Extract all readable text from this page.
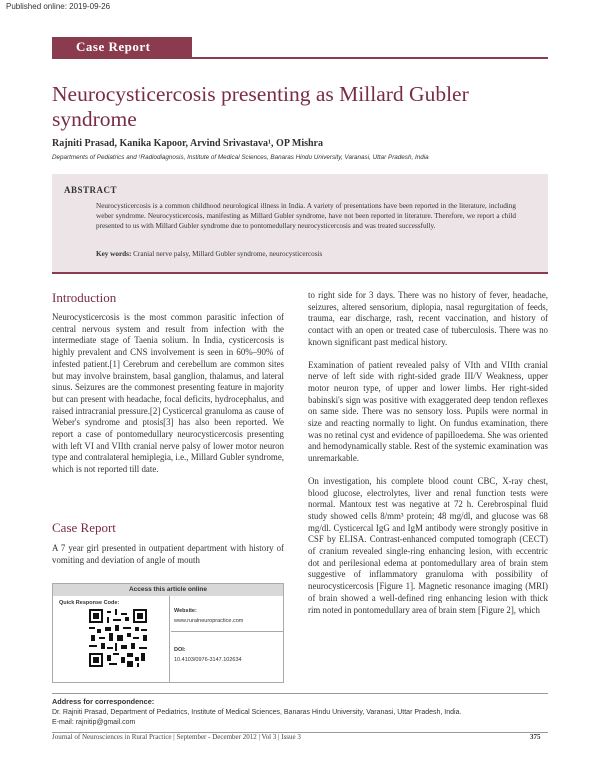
Published online: 2019-09-26
Case Report
Neurocysticercosis presenting as Millard Gubler syndrome
Rajniti Prasad, Kanika Kapoor, Arvind Srivastava¹, OP Mishra
Departments of Pediatrics and ¹Radiodiagnosis, Institute of Medical Sciences, Banaras Hindu University, Varanasi, Uttar Pradesh, India
ABSTRACT
Neurocysticercosis is a common childhood neurological illness in India. A variety of presentations have been reported in the literature, including weber syndrome. Neurocysticercosis, manifesting as Millard Gubler syndrome, have not been reported in literature. Therefore, we report a child presented to us with Millard Gubler syndrome due to pontomedullary neurocysticercosis and was treated successfully.
Key words: Cranial nerve palsy, Millard Gubler syndrome, neurocysticercosis
Introduction

Neurocysticercosis is the most common parasitic infection of central nervous system and result from infection with the intermediate stage of Taenia solium. In India, cysticercosis is highly prevalent and CNS involvement is seen in 60%–90% of infested patient.[1] Cerebrum and cerebellum are common sites but may involve brainstem, basal ganglion, thalamus, and lateral sinus. Seizures are the commonest presenting feature in majority but can present with headache, focal deficits, hydrocephalus, and raised intracranial pressure.[2] Cysticercal granuloma as cause of Weber's syndrome and ptosis[3] has also been reported. We report a case of pontomedullary neurocysticercosis presenting with left VI and VIIth cranial nerve palsy of lower motor neuron type and contralateral hemiplegia, i.e., Millard Gubler syndrome, which is not reported till date.

Case Report

A 7 year girl presented in outpatient department with history of vomiting and deviation of angle of mouth

Access this article online
Quick Response Code:
Website:
www.ruralneuropractice.com
DOI:
10.4103/0976-3147.102634

to right side for 3 days. There was no history of fever, headache, seizures, altered sensorium, diplopia, nasal regurgitation of feeds, trauma, ear discharge, rash, recent vaccination, and history of contact with an open or treated case of tuberculosis. There was no known significant past medical history.

Examination of patient revealed palsy of VIth and VIIth cranial nerve of left side with right-sided grade III/V Weakness, upper motor neuron type, of upper and lower limbs. Her right-sided babinski's sign was positive with exaggerated deep tendon reflexes on same side. There was no sensory loss. Pupils were normal in size and reacting normally to light. On fundus examination, there was no retinal cyst and evidence of papilloedema. She was oriented and hemodynamically stable. Rest of the systemic examination was unremarkable.

On investigation, his complete blood count CBC, X-ray chest, blood glucose, electrolytes, liver and renal function tests were normal. Mantoux test was negative at 72 h. Cerebrospinal fluid study showed cells 8/mm³ protein; 48 mg/dl, and glucose was 68 mg/dl. Cysticercal IgG and IgM antibody were strongly positive in CSF by ELISA. Contrast-enhanced computed tomograph (CECT) of cranium revealed single-ring enhancing lesion, with eccentric dot and perilesional edema at pontomedullary area of brain stem suggestive of inflammatory granuloma with possibility of neurocysticercosis [Figure 1]. Magnetic resonance imaging (MRI) of brain showed a well-defined ring enhancing lesion with thick rim noted in pontomedullary area of brain stem [Figure 2], which

Address for correspondence:
Dr. Rajniti Prasad, Department of Pediatrics, Institute of Medical Sciences, Banaras Hindu University, Varanasi, Uttar Pradesh, India.
E-mail: rajnitip@gmail.com
Journal of Neurosciences in Rural Practice | September - December 2012 | Vol 3 | Issue 3	375
